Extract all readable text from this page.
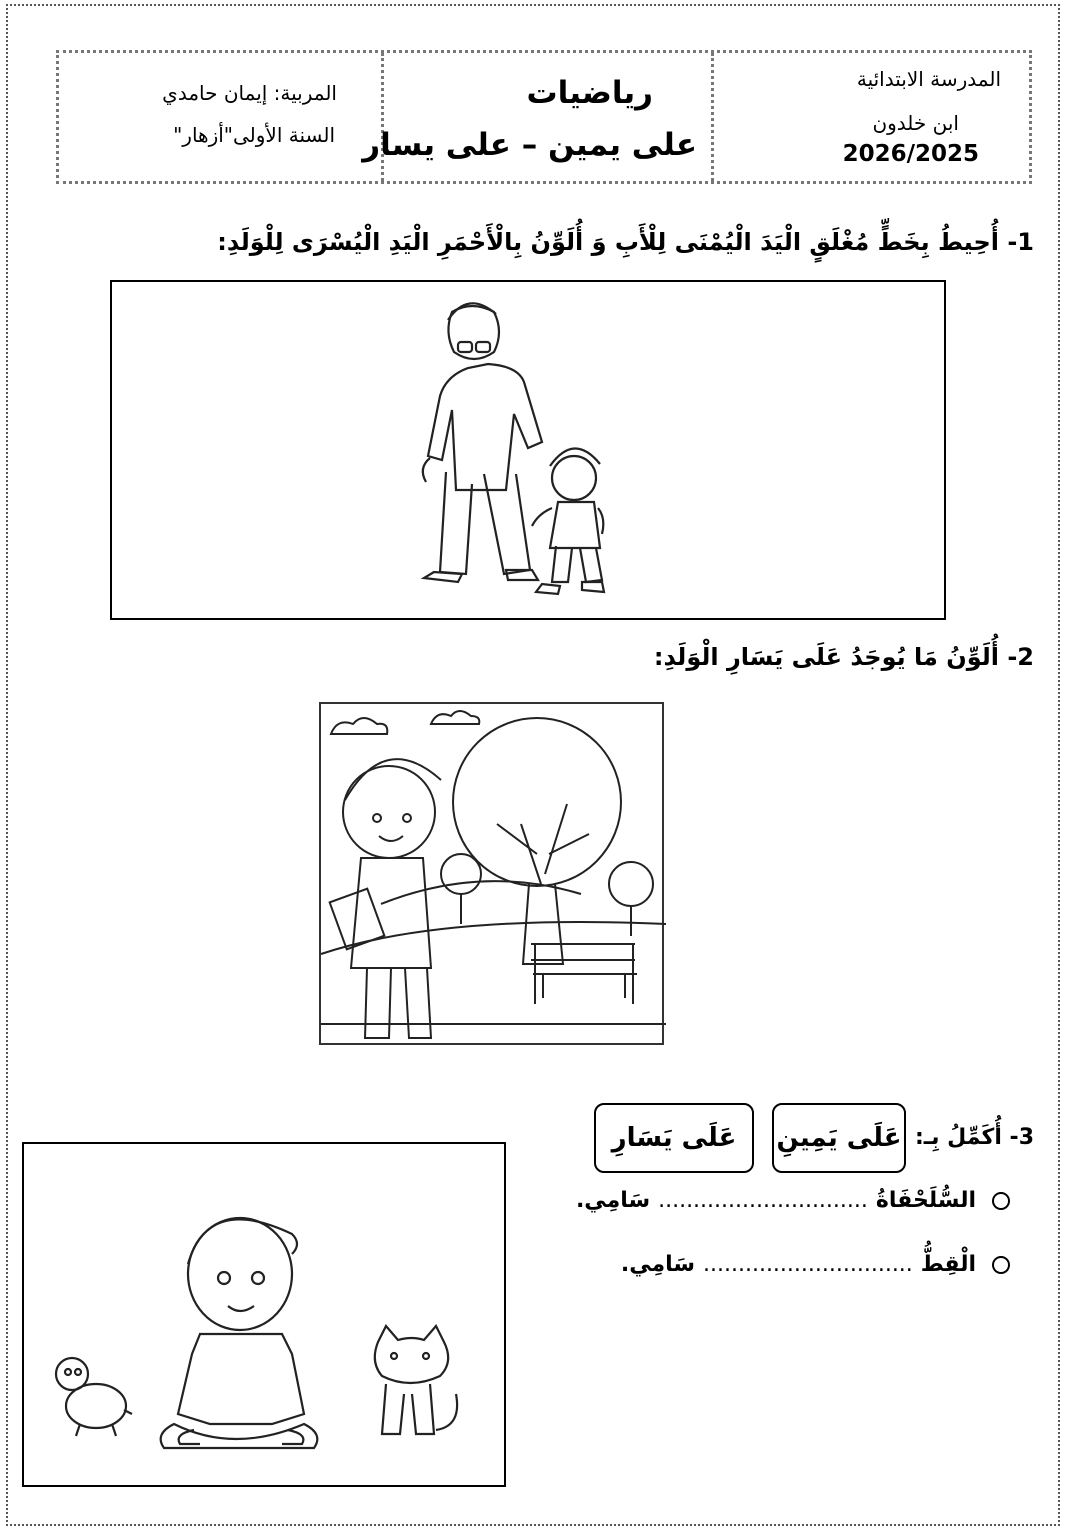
المدرسة الابتدائية
ابن خلدون
2026/2025
رياضيات
على يمين – على يسار
المربية: إيمان حامدي
السنة الأولى"أزهار"
1- أُحِيطُ بِخَطٍّ مُغْلَقٍ الْيَدَ الْيُمْنَى لِلْأَبِ وَ أُلَوِّنُ بِالْأَحْمَرِ الْيَدِ الْيُسْرَى لِلْوَلَدِ:
2- أُلَوِّنُ مَا يُوجَدُ عَلَى يَسَارِ الْوَلَدِ:
3- أُكَمِّلُ بِـ:
عَلَى يَمِينِ
عَلَى يَسَارِ
السُّلَحْفَاةُ..............................سَامِي.
الْقِطُّ..............................سَامِي.
